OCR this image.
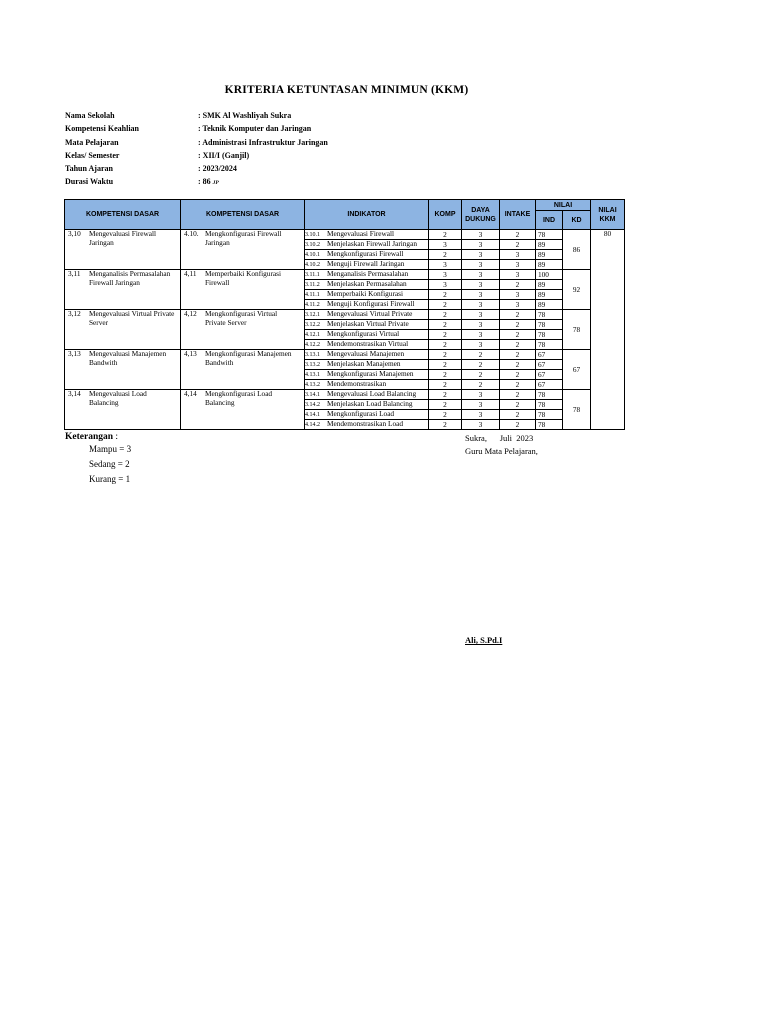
KRITERIA KETUNTASAN MINIMUN (KKM)
Nama Sekolah	: SMK Al Washliyah Sukra
Kompetensi Keahlian	: Teknik Komputer dan Jaringan
Mata Pelajaran	: Administrasi Infrastruktur Jaringan
Kelas/ Semester	: XII/I (Ganjil)
Tahun Ajaran	: 2023/2024
Durasi Waktu	: 86 JP
KOMPETENSI DASAR	KOMPETENSI DASAR	INDIKATOR	KOMP	DAYA DUKUNG	INTAKE	NILAI		NILAI KKM
						IND	KD	
3,10 Mengevaluasi Firewall Jaringan	4.10. Mengkonfigurasi Firewall Jaringan	3.10.1 Mengevaluasi Firewall	2	3	2	78	86	80
		3.10.2 Menjelaskan Firewall Jaringan	3	3	2	89		
		4.10.1 Mengkonfigurasi Firewall	2	3	3	89		
		4.10.2 Menguji Firewall Jaringan	3	3	3	89		
3,11 Menganalisis Permasalahan Firewall Jaringan	4,11 Memperbaiki Konfigurasi Firewall	3.11.1 Menganalisis Permasalahan	3	3	3	100	92	
		3.11.2 Menjelaskan Permasalahan	3	3	2	89		
		4.11.1 Memperbaiki Konfigurasi	2	3	3	89		
		4.11.2 Menguji Konfigurasi Firewall	2	3	3	89		
3,12 Mengevaluasi Virtual Private Server	4,12 Mengkonfigurasi Virtual Private Server	3.12.1 Mengevaluasi Virtual Private	2	3	2	78	78	
		3.12.2 Menjelaskan Virtual Private	2	3	2	78		
		4.12.1 Mengkonfigurasi Virtual	2	3	2	78		
		4.12.2 Mendemonstrasikan Virtual	2	3	2	78		
3,13 Mengevaluasi Manajemen Bandwith	4,13 Mengkonfigurasi Manajemen Bandwith	3.13.1 Mengevaluasi Manajemen	2	2	2	67	67	
		3.13.2 Menjelaskan Manajemen	2	2	2	67		
		4.13.1 Mengkonfigurasi Manajemen	2	2	2	67		
		4.13.2 Mendemonstrasikan	2	2	2	67		
3,14 Mengevaluasi Load Balancing	4,14 Mengkonfigurasi Load Balancing	3.14.1 Mengevaluasi Load Balancing	2	3	2	78	78	
		3.14.2 Menjelaskan Load Balancing	2	3	2	78		
		4.14.1 Mengkonfigurasi Load	2	3	2	78		
		4.14.2 Mendemonstrasikan Load	2	3	2	78		
Keterangan :
Mampu = 3
Sedang = 2
Kurang = 1
Sukra,      Juli  2023
Guru Mata Pelajaran,
Ali, S.Pd.I
